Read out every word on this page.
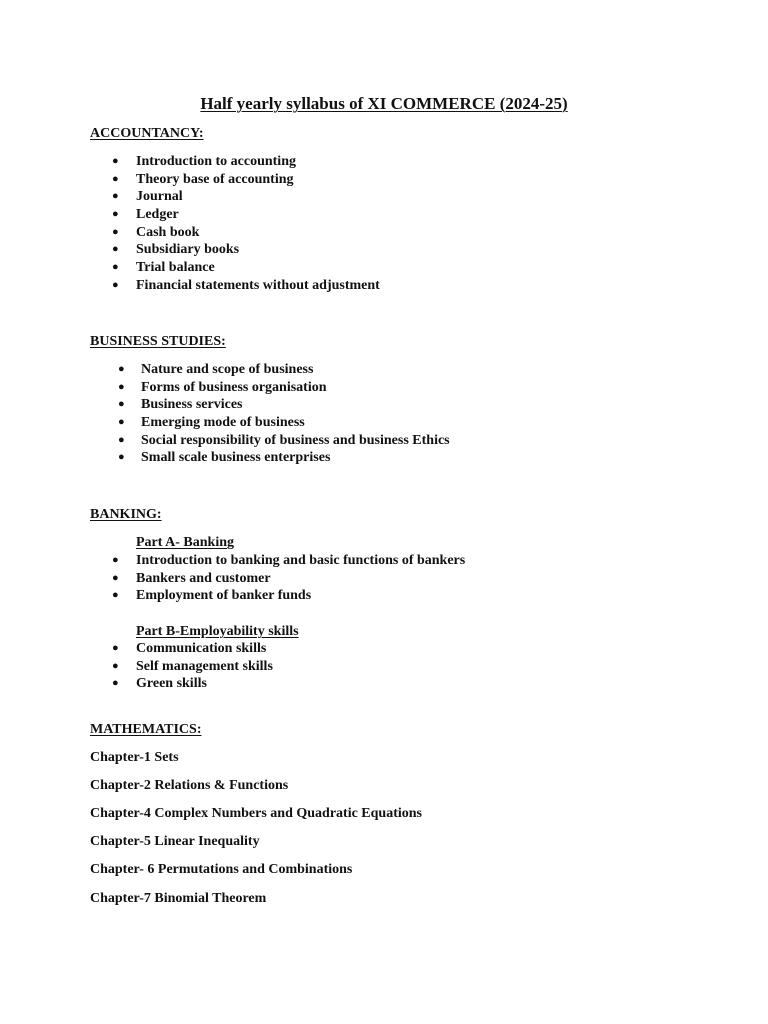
Half yearly syllabus of XI COMMERCE (2024-25)
ACCOUNTANCY:
● Introduction to accounting
● Theory base of accounting
● Journal
● Ledger
● Cash book
● Subsidiary books
● Trial balance
● Financial statements without adjustment
BUSINESS STUDIES:
● Nature and scope of business
● Forms of business organisation
● Business services
● Emerging mode of business
● Social responsibility of business and business Ethics
● Small scale business enterprises
BANKING:
Part A- Banking
● Introduction to banking and basic functions of bankers
● Bankers and customer
● Employment of banker funds
Part B-Employability skills
● Communication skills
● Self management skills
● Green skills
MATHEMATICS:
Chapter-1 Sets
Chapter-2 Relations & Functions
Chapter-4 Complex Numbers and Quadratic Equations
Chapter-5 Linear Inequality
Chapter- 6 Permutations and Combinations
Chapter-7 Binomial Theorem
